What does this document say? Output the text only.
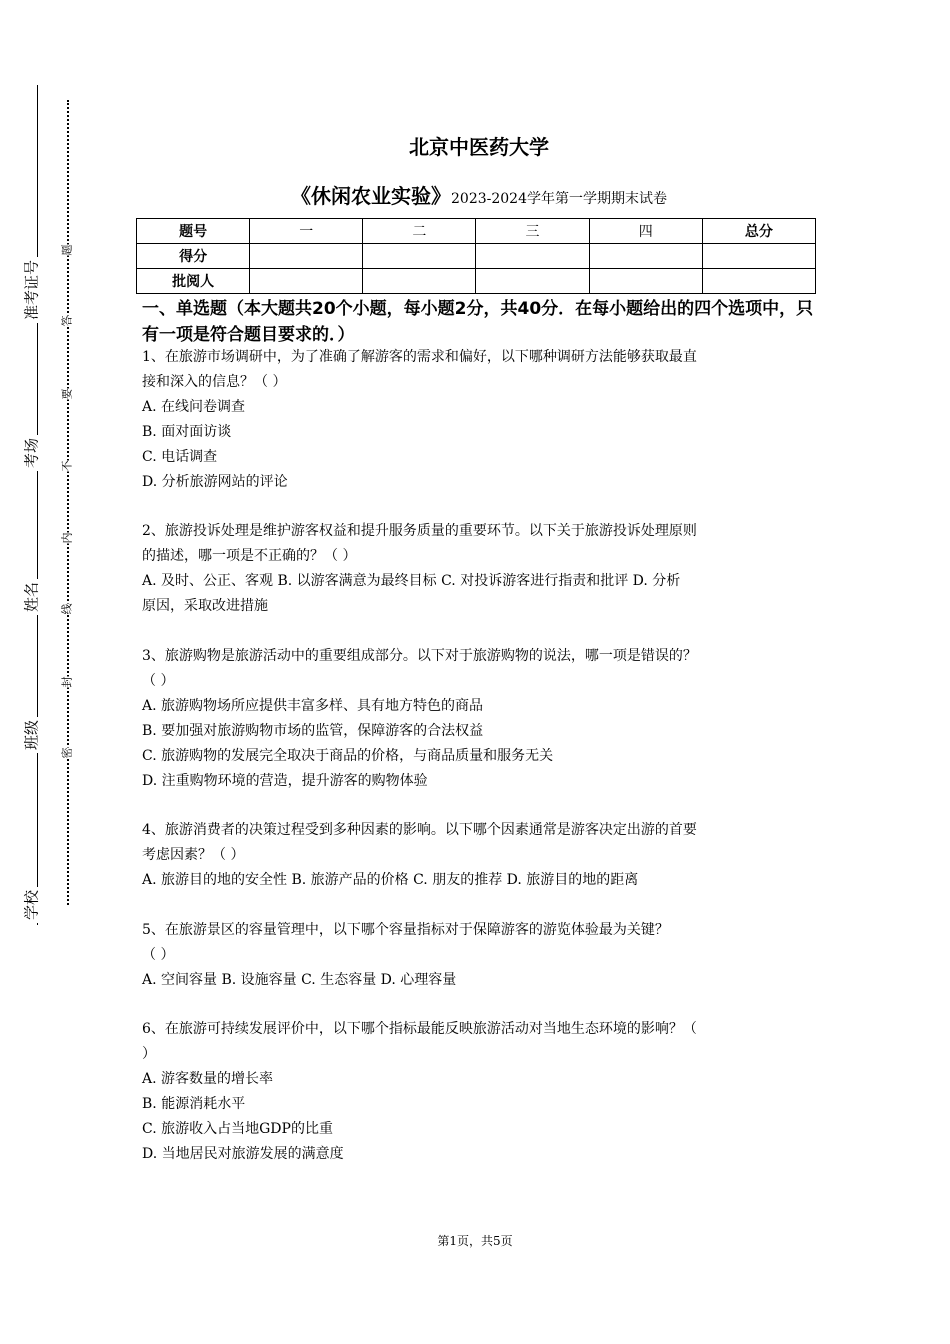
准考证号
考场
姓名
班级
学校
题
答
要
不
内
线
封
密
北京中医药大学
《休闲农业实验》2023-2024学年第一学期期末试卷
题号	一	二	三	四	总分
得分					
批阅人					
一、单选题（本大题共20个小题，每小题2分，共40分．在每小题给出的四个选项中，只有一项是符合题目要求的．）
1、在旅游市场调研中，为了准确了解游客的需求和偏好，以下哪种调研方法能够获取最直
接和深入的信息？（ ）
A. 在线问卷调查
B. 面对面访谈
C. 电话调查
D. 分析旅游网站的评论
2、旅游投诉处理是维护游客权益和提升服务质量的重要环节。以下关于旅游投诉处理原则
的描述，哪一项是不正确的？（ ）
A. 及时、公正、客观 B. 以游客满意为最终目标 C. 对投诉游客进行指责和批评 D. 分析
原因，采取改进措施
3、旅游购物是旅游活动中的重要组成部分。以下对于旅游购物的说法，哪一项是错误的？
（ ）
A. 旅游购物场所应提供丰富多样、具有地方特色的商品
B. 要加强对旅游购物市场的监管，保障游客的合法权益
C. 旅游购物的发展完全取决于商品的价格，与商品质量和服务无关
D. 注重购物环境的营造，提升游客的购物体验
4、旅游消费者的决策过程受到多种因素的影响。以下哪个因素通常是游客决定出游的首要
考虑因素？（ ）
A. 旅游目的地的安全性 B. 旅游产品的价格 C. 朋友的推荐 D. 旅游目的地的距离
5、在旅游景区的容量管理中，以下哪个容量指标对于保障游客的游览体验最为关键？
（ ）
A. 空间容量 B. 设施容量 C. 生态容量 D. 心理容量
6、在旅游可持续发展评价中，以下哪个指标最能反映旅游活动对当地生态环境的影响？（
）
A. 游客数量的增长率
B. 能源消耗水平
C. 旅游收入占当地GDP的比重
D. 当地居民对旅游发展的满意度
第1页，共5页
